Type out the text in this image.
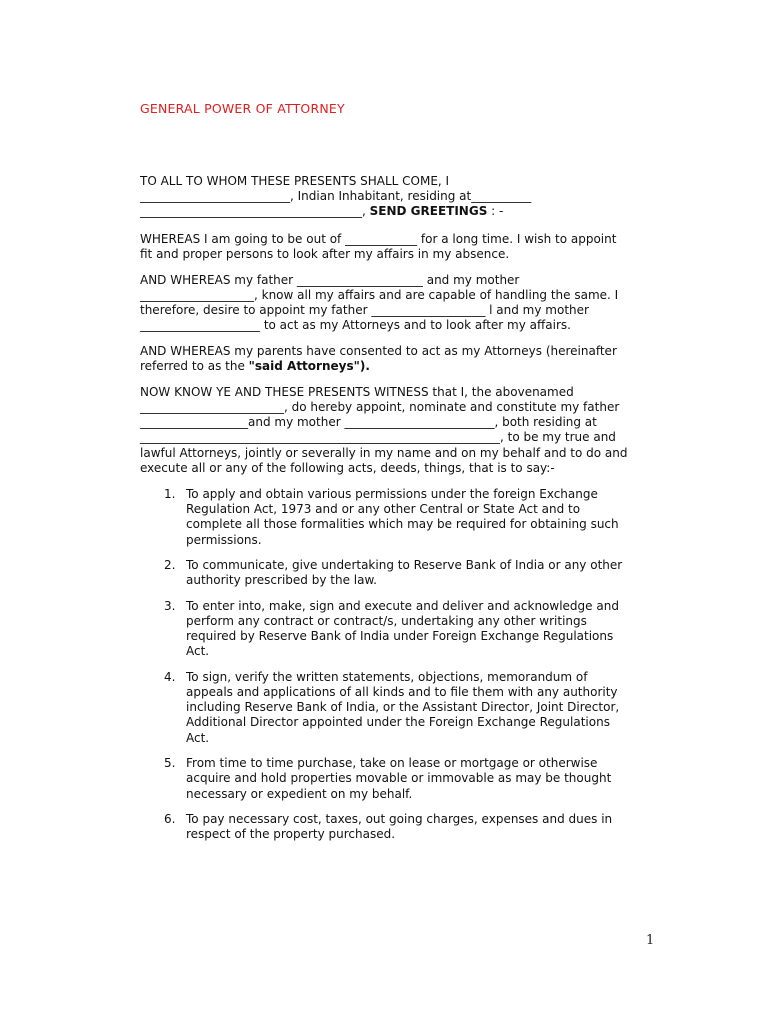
GENERAL POWER OF ATTORNEY

TO ALL TO WHOM THESE PRESENTS SHALL COME, I
_________________________, Indian Inhabitant, residing at__________
_____________________________________, SEND GREETINGS : -

WHEREAS I am going to be out of ____________ for a long time. I wish to appoint fit and proper persons to look after my affairs in my absence.

AND WHEREAS my father _____________________ and my mother ___________________, know all my affairs and are capable of handling the same. I therefore, desire to appoint my father ___________________ l and my mother ____________________ to act as my Attorneys and to look after my affairs.

AND WHEREAS my parents have consented to act as my Attorneys (hereinafter referred to as the "said Attorneys").

NOW KNOW YE AND THESE PRESENTS WITNESS that I, the abovenamed ________________________, do hereby appoint, nominate and constitute my father __________________and my mother _________________________, both residing at ____________________________________________________________, to be my true and lawful Attorneys, jointly or severally in my name and on my behalf and to do and execute all or any of the following acts, deeds, things, that is to say:-

1. To apply and obtain various permissions under the foreign Exchange Regulation Act, 1973 and or any other Central or State Act and to complete all those formalities which may be required for obtaining such permissions.
2. To communicate, give undertaking to Reserve Bank of India or any other authority prescribed by the law.
3. To enter into, make, sign and execute and deliver and acknowledge and perform any contract or contract/s, undertaking any other writings required by Reserve Bank of India under Foreign Exchange Regulations Act.
4. To sign, verify the written statements, objections, memorandum of appeals and applications of all kinds and to file them with any authority including Reserve Bank of India, or the Assistant Director, Joint Director, Additional Director appointed under the Foreign Exchange Regulations Act.
5. From time to time purchase, take on lease or mortgage or otherwise acquire and hold properties movable or immovable as may be thought necessary or expedient on my behalf.
6. To pay necessary cost, taxes, out going charges, expenses and dues in respect of the property purchased.
1
